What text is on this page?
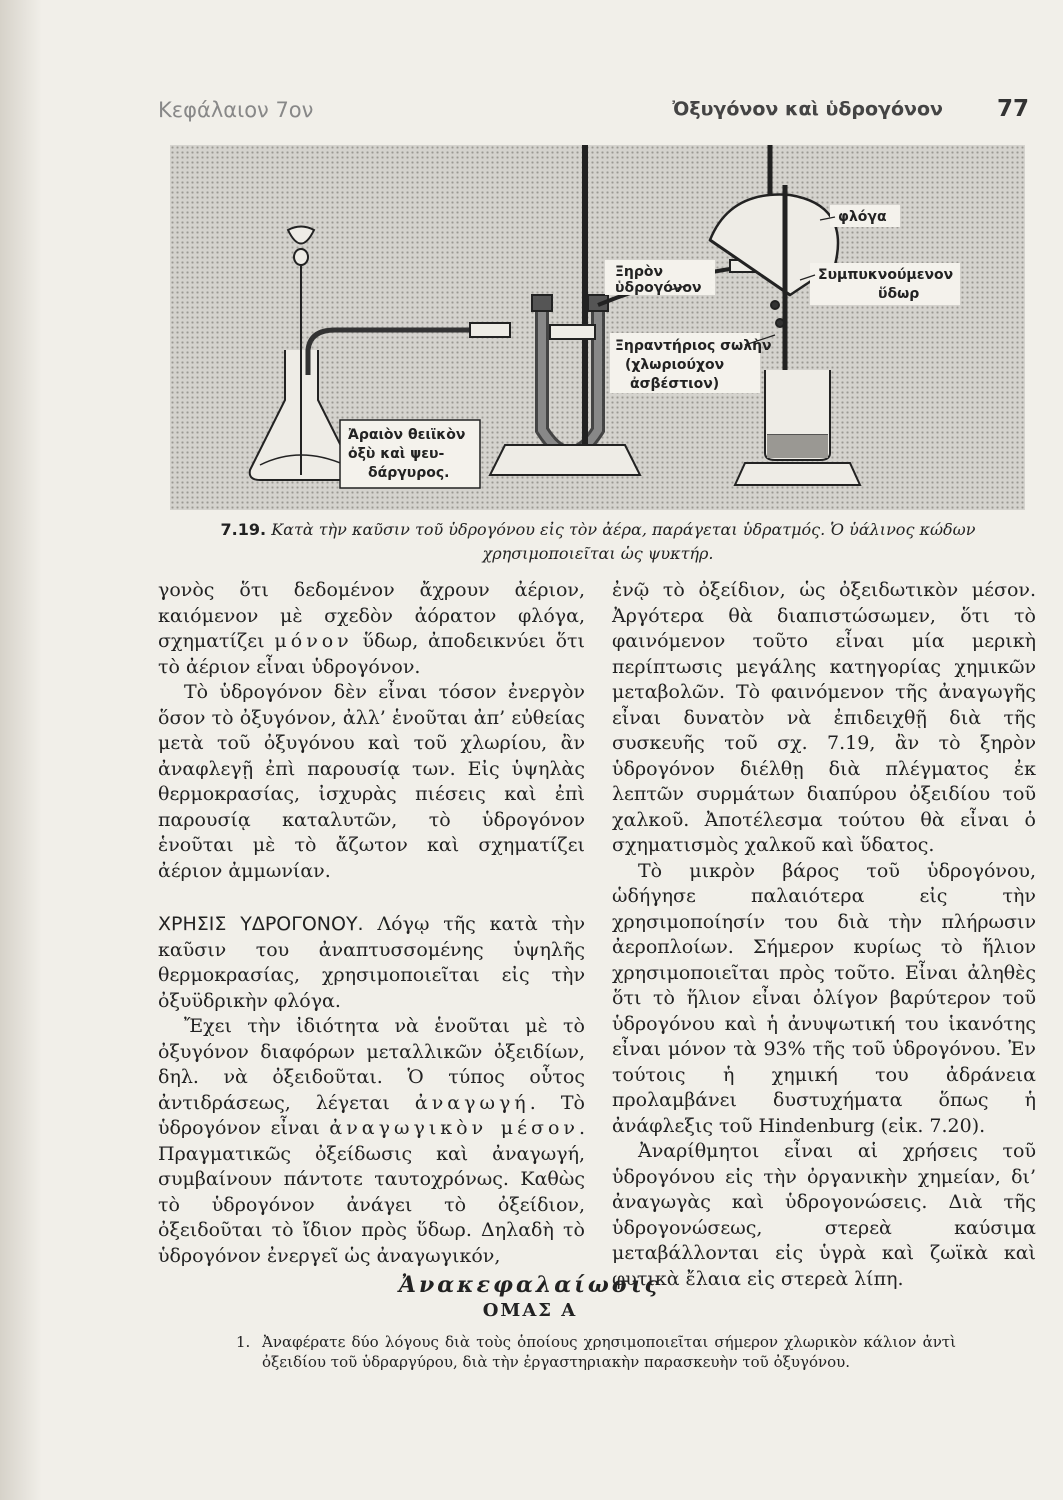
Κεφάλαιον 7ον	Ὀξυγόνον καὶ ὑδρογόνον 77
φλόγα
Συμπυκνούμενον
ὕδωρ
Ξηρὸν
ὑδρογόνον
Ξηραντήριος σωλὴν
(χλωριούχον
ἀσβέστιον)
Ἀραιὸν θειϊκὸν
ὀξὺ καὶ ψευ-
δάργυρος.
7.19. Κατὰ τὴν καῦσιν τοῦ ὑδρογόνου εἰς τὸν ἀέρα, παράγεται ὑδρατμός. Ὁ ὑάλινος κώδων χρησιμοποιεῖται ὡς ψυκτήρ.

γονὸς ὅτι δεδομένον ἄχρουν ἀέριον, καιόμενον μὲ σχεδὸν ἀόρατον φλόγα, σχηματίζει μόνον ὕδωρ, ἀποδεικνύει ὅτι τὸ ἀέριον εἶναι ὑδρογόνον.

Τὸ ὑδρογόνον δὲν εἶναι τόσον ἐνεργὸν ὅσον τὸ ὀξυγόνον, ἀλλ’ ἑνοῦται ἀπ’ εὐθείας μετὰ τοῦ ὀξυγόνου καὶ τοῦ χλωρίου, ἂν ἀναφλεγῇ ἐπὶ παρουσίᾳ των. Εἰς ὑψηλὰς θερμοκρασίας, ἰσχυρὰς πιέσεις καὶ ἐπὶ παρουσίᾳ καταλυτῶν, τὸ ὑδρογόνον ἑνοῦται μὲ τὸ ἄζωτον καὶ σχηματίζει ἀέριον ἀμμωνίαν.

ΧΡΗΣΙΣ ΥΔΡΟΓΟΝΟΥ. Λόγῳ τῆς κατὰ τὴν καῦσιν του ἀναπτυσσομένης ὑψηλῆς θερμοκρασίας, χρησιμοποιεῖται εἰς τὴν ὀξυϋδρικὴν φλόγα.

Ἔχει τὴν ἰδιότητα νὰ ἑνοῦται μὲ τὸ ὀξυγόνον διαφόρων μεταλλικῶν ὀξειδίων, δηλ. νὰ ὀξειδοῦται. Ὁ τύπος οὗτος ἀντιδράσεως, λέγεται ἀναγωγή. Τὸ ὑδρογόνον εἶναι ἀναγωγικὸν μέσον. Πραγματικῶς ὀξείδωσις καὶ ἀναγωγή, συμβαίνουν πάντοτε ταυτοχρόνως. Καθὼς τὸ ὑδρογόνον ἀνάγει τὸ ὀξείδιον, ὀξειδοῦται τὸ ἴδιον πρὸς ὕδωρ. Δηλαδὴ τὸ ὑδρογόνον ἐνεργεῖ ὡς ἀναγωγικόν,

ἐνῷ τὸ ὀξείδιον, ὡς ὀξειδωτικὸν μέσον. Ἀργότερα θὰ διαπιστώσωμεν, ὅτι τὸ φαινόμενον τοῦτο εἶναι μία μερικὴ περίπτωσις μεγάλης κατηγορίας χημικῶν μεταβολῶν. Τὸ φαινόμενον τῆς ἀναγωγῆς εἶναι δυνατὸν νὰ ἐπιδειχθῇ διὰ τῆς συσκευῆς τοῦ σχ. 7.19, ἂν τὸ ξηρὸν ὑδρογόνον διέλθῃ διὰ πλέγματος ἐκ λεπτῶν συρμάτων διαπύρου ὀξειδίου τοῦ χαλκοῦ. Ἀποτέλεσμα τούτου θὰ εἶναι ὁ σχηματισμὸς χαλκοῦ καὶ ὕδατος.

Τὸ μικρὸν βάρος τοῦ ὑδρογόνου, ὡδήγησε παλαιότερα εἰς τὴν χρησιμοποίησίν του διὰ τὴν πλήρωσιν ἀεροπλοίων. Σήμερον κυρίως τὸ ἥλιον χρησιμοποιεῖται πρὸς τοῦτο. Εἶναι ἀληθὲς ὅτι τὸ ἥλιον εἶναι ὀλίγον βαρύτερον τοῦ ὑδρογόνου καὶ ἡ ἀνυψωτική του ἱκανότης εἶναι μόνον τὰ 93% τῆς τοῦ ὑδρογόνου. Ἐν τούτοις ἡ χημική του ἀδράνεια προλαμβάνει δυστυχήματα ὅπως ἡ ἀνάφλεξις τοῦ Hindenburg (εἰκ. 7.20).

Ἀναρίθμητοι εἶναι αἱ χρήσεις τοῦ ὑδρογόνου εἰς τὴν ὀργανικὴν χημείαν, δι’ ἀναγωγὰς καὶ ὑδρογονώσεις. Διὰ τῆς ὑδρογονώσεως, στερεὰ καύσιμα μεταβάλλονται εἰς ὑγρὰ καὶ ζωϊκὰ καὶ φυτικὰ ἔλαια εἰς στερεὰ λίπη.

Ἀνακεφαλαίωσις
ΟΜΑΣ Α
1. Ἀναφέρατε δύο λόγους διὰ τοὺς ὁποίους χρησιμοποιεῖται σήμερον χλωρικὸν κάλιον ἀντὶ ὀξειδίου τοῦ ὑδραργύρου, διὰ τὴν ἐργαστηριακὴν παρασκευὴν τοῦ ὀξυγόνου.
